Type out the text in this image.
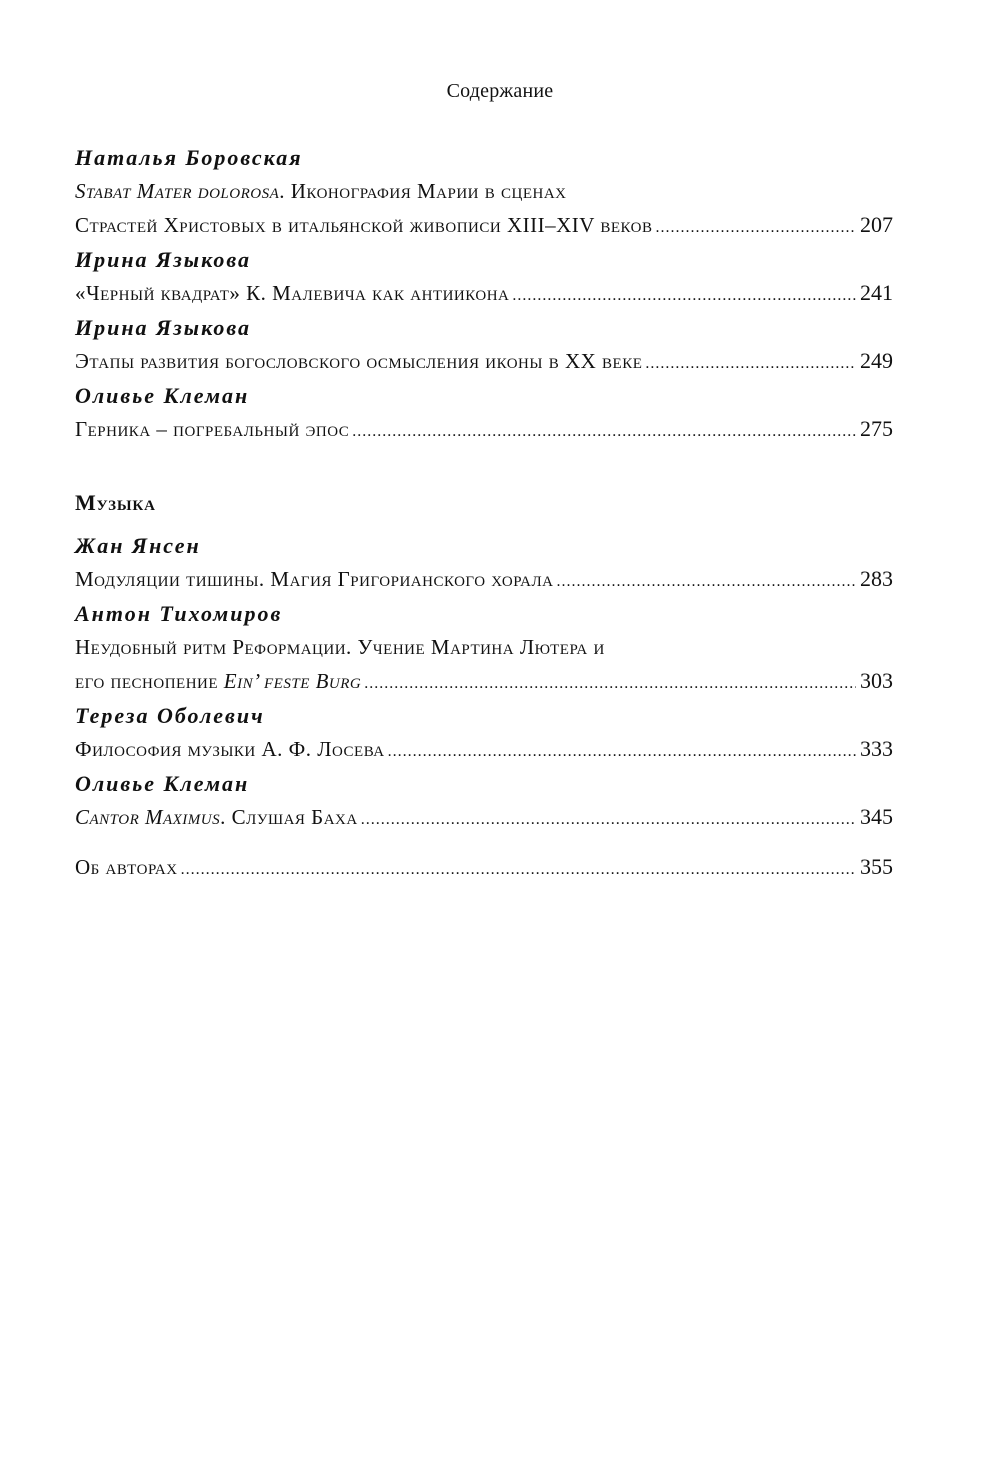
Содержание
Наталья Боровская
Stabat Mater dolorosa. Иконография Марии в сценах
Страстей Христовых в итальянской живописи XIII–XIV веков .....	207
Ирина Языкова
«Черный квадрат» К. Малевича как антиикона .....	241
Ирина Языкова
Этапы развития богословского осмысления иконы в XX веке .....	249
Оливье Клеман
Герника – погребальный эпос .....	275
Музыка
Жан Янсен
Модуляции тишины. Магия Григорианского хорала .....	283
Антон Тихомиров
Неудобный ритм Реформации. Учение Мартина Лютера и
его песнопение Ein’ feste Burg .....	303
Тереза Оболевич
Философия музыки А. Ф. Лосева .....	333
Оливье Клеман
Cantor Maximus. Слушая Баха .....	345
Об авторах .....	355
